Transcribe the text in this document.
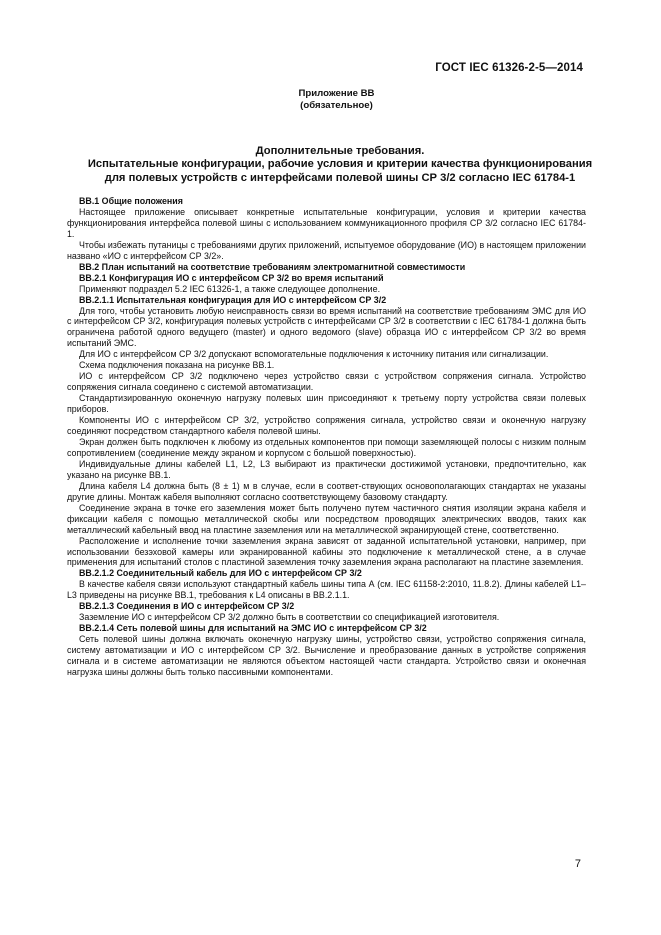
ГОСТ IEC 61326-2-5—2014
Приложение ВВ
(обязательное)
Дополнительные требования.
Испытательные конфигурации, рабочие условия и критерии качества функционирования
для полевых устройств с интерфейсами полевой шины СР 3/2 согласно IEC 61784-1
ВВ.1 Общие положения

Настоящее приложение описывает конкретные испытательные конфигурации, условия и критерии качества функционирования интерфейса полевой шины с использованием коммуникационного профиля СР 3/2 согласно IEC 61784-1.

Чтобы избежать путаницы с требованиями других приложений, испытуемое оборудование (ИО) в настоящем приложении названо «ИО с интерфейсом СР 3/2».

ВВ.2 План испытаний на соответствие требованиям электромагнитной совместимости
ВВ.2.1 Конфигурация ИО с интерфейсом СР 3/2 во время испытаний

Применяют подраздел 5.2 IEC 61326-1, а также следующее дополнение.

ВВ.2.1.1 Испытательная конфигурация для ИО с интерфейсом СР 3/2

Для того, чтобы установить любую неисправность связи во время испытаний на соответствие требованиям ЭМС для ИО с интерфейсом СР 3/2, конфигурация полевых устройств с интерфейсами СР 3/2 в соответствии с IEC 61784-1 должна быть ограничена работой одного ведущего (master) и одного ведомого (slave) образца ИО с интерфейсом СР 3/2 во время испытаний ЭМС.

Для ИО с интерфейсом СР 3/2 допускают вспомогательные подключения к источнику питания или сигнализации.

Схема подключения показана на рисунке ВВ.1.

ИО с интерфейсом СР 3/2 подключено через устройство связи с устройством сопряжения сигнала. Устройство сопряжения сигнала соединено с системой автоматизации.

Стандартизированную оконечную нагрузку полевых шин присоединяют к третьему порту устройства связи полевых приборов.

Компоненты ИО с интерфейсом СР 3/2, устройство сопряжения сигнала, устройство связи и оконечную нагрузку соединяют посредством стандартного кабеля полевой шины.

Экран должен быть подключен к любому из отдельных компонентов при помощи заземляющей полосы с низким полным сопротивлением (соединение между экраном и корпусом с большой поверхностью).

Индивидуальные длины кабелей L1, L2, L3 выбирают из практически достижимой установки, предпочтительно, как указано на рисунке ВВ.1.

Длина кабеля L4 должна быть (8 ± 1) м в случае, если в соответ-ствующих основополагающих стандартах не указаны другие длины. Монтаж кабеля выполняют согласно соответствующему базовому стандарту.

Соединение экрана в точке его заземления может быть получено путем частичного снятия изоляции экрана кабеля и фиксации кабеля с помощью металлической скобы или посредством проводящих электрических вводов, таких как металлический кабельный ввод на пластине заземления или на металлической экранирующей стене, соответственно.

Расположение и исполнение точки заземления экрана зависят от заданной испытательной установки, например, при использовании безэховой камеры или экранированной кабины это подключение к металлической стене, а в случае применения для испытаний столов с пластиной заземления точку заземления экрана располагают на пластине заземления.

ВВ.2.1.2 Соединительный кабель для ИО с интерфейсом СР 3/2

В качестве кабеля связи используют стандартный кабель шины типа А (см. IEC 61158-2:2010, 11.8.2). Длины кабелей L1–L3 приведены на рисунке ВВ.1, требования к L4 описаны в ВВ.2.1.1.

ВВ.2.1.3 Соединения в ИО с интерфейсом СР 3/2

Заземление ИО с интерфейсом СР 3/2 должно быть в соответствии со спецификацией изготовителя.

ВВ.2.1.4 Сеть полевой шины для испытаний на ЭМС ИО с интерфейсом СР 3/2

Сеть полевой шины должна включать оконечную нагрузку шины, устройство связи, устройство сопряжения сигнала, систему автоматизации и ИО с интерфейсом СР 3/2. Вычисление и преобразование данных в устройстве сопряжения сигнала и в системе автоматизации не являются объектом настоящей части стандарта. Устройство связи и оконечная нагрузка шины должны быть только пассивными компонентами.

7
